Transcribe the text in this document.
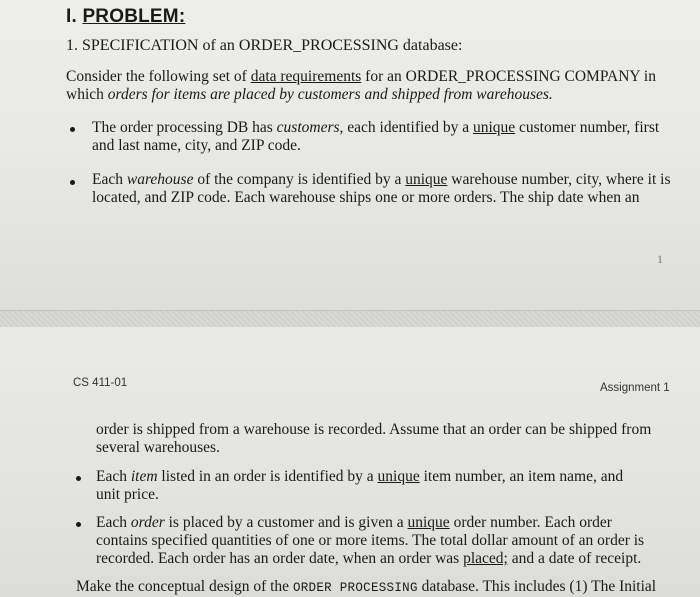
I. PROBLEM:
1. SPECIFICATION of an ORDER_PROCESSING database:
Consider the following set of data requirements for an ORDER_PROCESSING COMPANY in which orders for items are placed by customers and shipped from warehouses.
The order processing DB has customers, each identified by a unique customer number, first and last name, city, and ZIP code.
Each warehouse of the company is identified by a unique warehouse number, city, where it is located, and ZIP code. Each warehouse ships one or more orders. The ship date when an
1
CS 411-01	Assignment 1
order is shipped from a warehouse is recorded. Assume that an order can be shipped from several warehouses.
Each item listed in an order is identified by a unique item number, an item name, and unit price.
Each order is placed by a customer and is given a unique order number. Each order contains specified quantities of one or more items. The total dollar amount of an order is recorded. Each order has an order date, when an order was placed; and a date of receipt.
Make the conceptual design of the ORDER PROCESSING database. This includes (1) The Initial
